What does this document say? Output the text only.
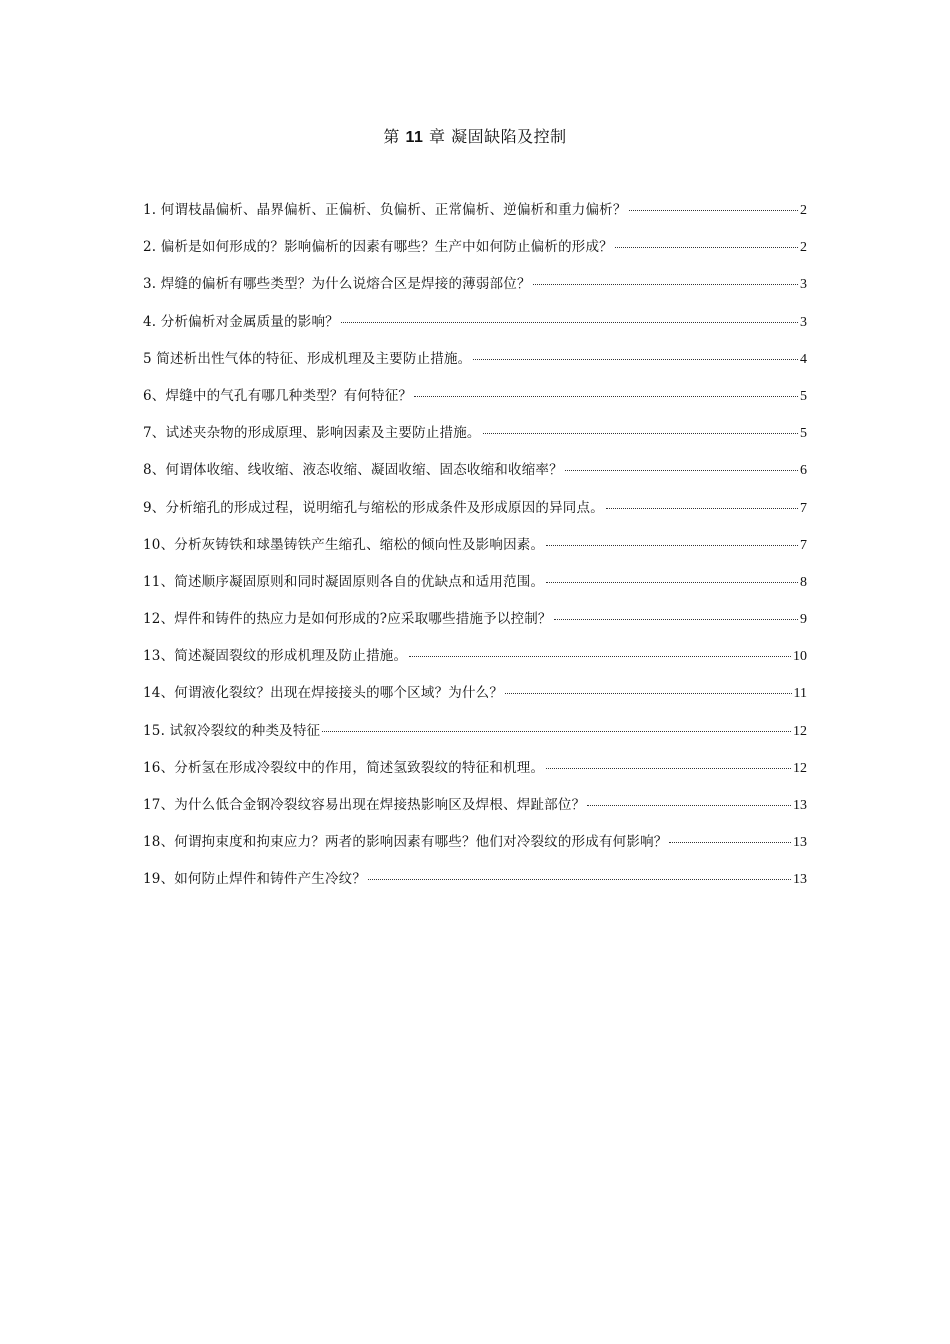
第 11 章 凝固缺陷及控制
1. 何谓枝晶偏析、晶界偏析、正偏析、负偏析、正常偏析、逆偏析和重力偏析？	2
2. 偏析是如何形成的？影响偏析的因素有哪些？生产中如何防止偏析的形成？	2
3. 焊缝的偏析有哪些类型？为什么说熔合区是焊接的薄弱部位？	3
4. 分析偏析对金属质量的影响？	3
5 简述析出性气体的特征、形成机理及主要防止措施。	4
6、焊缝中的气孔有哪几种类型？有何特征？	5
7、试述夹杂物的形成原理、影响因素及主要防止措施。	5
8、何谓体收缩、线收缩、液态收缩、凝固收缩、固态收缩和收缩率？	6
9、分析缩孔的形成过程，说明缩孔与缩松的形成条件及形成原因的异同点。	7
10、分析灰铸铁和球墨铸铁产生缩孔、缩松的倾向性及影响因素。	7
11、简述顺序凝固原则和同时凝固原则各自的优缺点和适用范围。	8
12、焊件和铸件的热应力是如何形成的?应采取哪些措施予以控制？	9
13、简述凝固裂纹的形成机理及防止措施。	10
14、何谓液化裂纹？出现在焊接接头的哪个区域？为什么？	11
15. 试叙冷裂纹的种类及特征	12
16、分析氢在形成冷裂纹中的作用，简述氢致裂纹的特征和机理。	12
17、为什么低合金钢冷裂纹容易出现在焊接热影响区及焊根、焊趾部位？	13
18、何谓拘束度和拘束应力？两者的影响因素有哪些？他们对冷裂纹的形成有何影响？	13
19、如何防止焊件和铸件产生冷纹？	13
